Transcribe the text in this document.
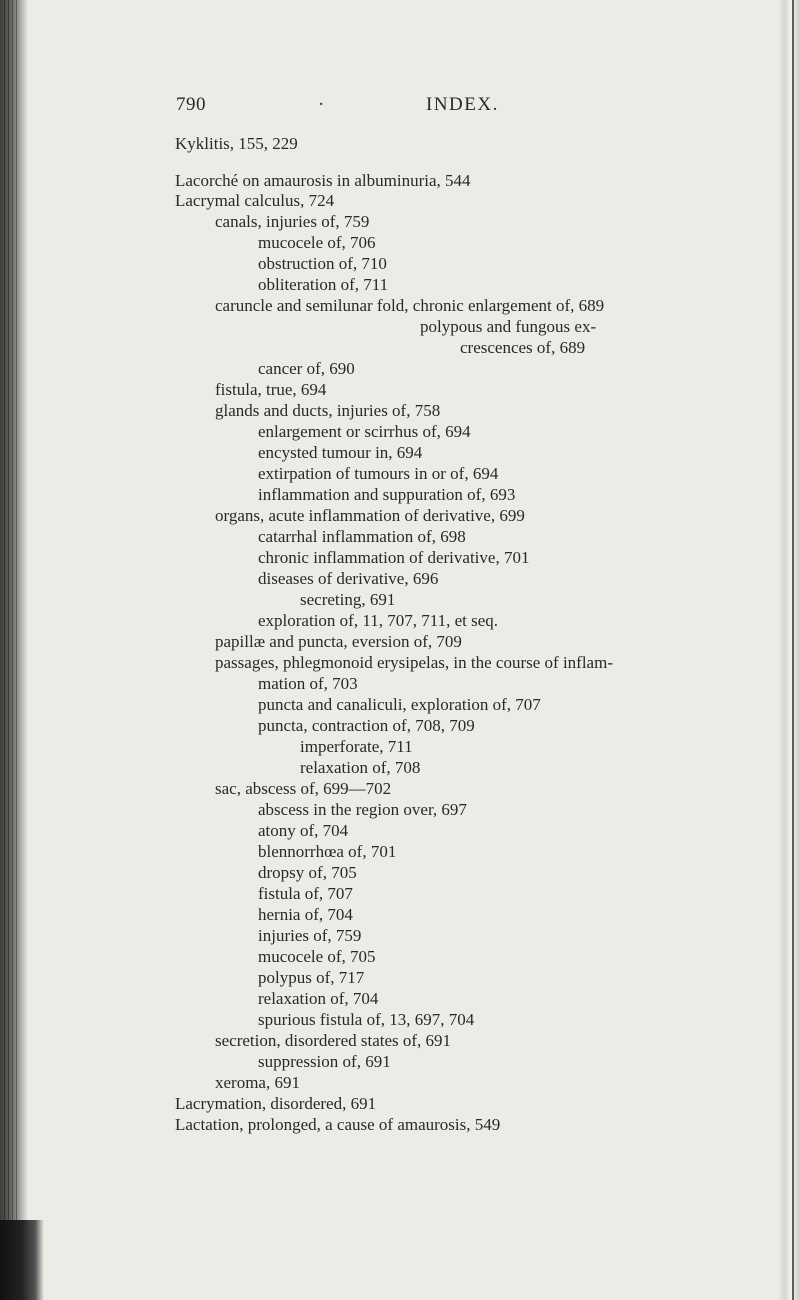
790	·	INDEX.
Kyklitis, 155, 229
Lacorché on amaurosis in albuminuria, 544
Lacrymal calculus, 724
canals, injuries of, 759
mucocele of, 706
obstruction of, 710
obliteration of, 711
caruncle and semilunar fold, chronic enlargement of, 689
polypous and fungous ex-
crescences of, 689
cancer of, 690
fistula, true, 694
glands and ducts, injuries of, 758
enlargement or scirrhus of, 694
encysted tumour in, 694
extirpation of tumours in or of, 694
inflammation and suppuration of, 693
organs, acute inflammation of derivative, 699
catarrhal inflammation of, 698
chronic inflammation of derivative, 701
diseases of derivative, 696
secreting, 691
exploration of, 11, 707, 711, et seq.
papillæ and puncta, eversion of, 709
passages, phlegmonoid erysipelas, in the course of inflam-
mation of, 703
puncta and canaliculi, exploration of, 707
puncta, contraction of, 708, 709
imperforate, 711
relaxation of, 708
sac, abscess of, 699—702
abscess in the region over, 697
atony of, 704
blennorrhœa of, 701
dropsy of, 705
fistula of, 707
hernia of, 704
injuries of, 759
mucocele of, 705
polypus of, 717
relaxation of, 704
spurious fistula of, 13, 697, 704
secretion, disordered states of, 691
suppression of, 691
xeroma, 691
Lacrymation, disordered, 691
Lactation, prolonged, a cause of amaurosis, 549
